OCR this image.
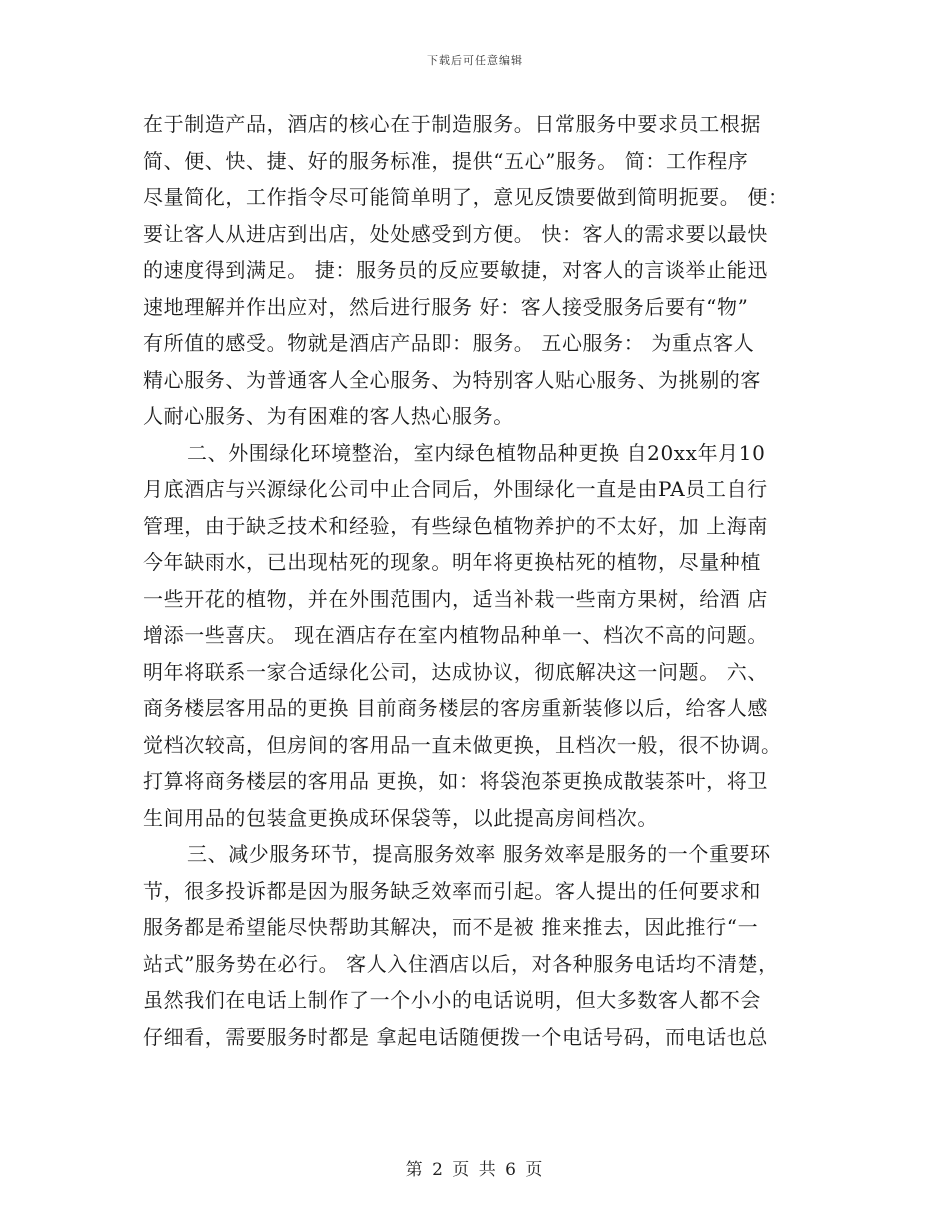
下载后可任意编辑
在于制造产品，酒店的核心在于制造服务。日常服务中要求员工根据
简、便、快、捷、好的服务标准，提供“五心”服务。 简：工作程序
尽量简化，工作指令尽可能简单明了，意见反馈要做到简明扼要。 便：
要让客人从进店到出店，处处感受到方便。 快：客人的需求要以最快
的速度得到满足。 捷：服务员的反应要敏捷，对客人的言谈举止能迅
速地理解并作出应对，然后进行服务 好：客人接受服务后要有“物”
有所值的感受。物就是酒店产品即：服务。 五心服务： 为重点客人
精心服务、为普通客人全心服务、为特别客人贴心服务、为挑剔的客
人耐心服务、为有困难的客人热心服务。
二、外围绿化环境整治，室内绿色植物品种更换 自20xx年月10
月底酒店与兴源绿化公司中止合同后，外围绿化一直是由PA员工自行
管理，由于缺乏技术和经验，有些绿色植物养护的不太好，加 上海南
今年缺雨水，已出现枯死的现象。明年将更换枯死的植物，尽量种植
一些开花的植物，并在外围范围内，适当补栽一些南方果树，给酒 店
增添一些喜庆。 现在酒店存在室内植物品种单一、档次不高的问题。
明年将联系一家合适绿化公司，达成协议，彻底解决这一问题。 六、
商务楼层客用品的更换 目前商务楼层的客房重新装修以后，给客人感
觉档次较高，但房间的客用品一直未做更换，且档次一般，很不协调。
打算将商务楼层的客用品 更换，如：将袋泡茶更换成散装茶叶，将卫
生间用品的包装盒更换成环保袋等，以此提高房间档次。
三、减少服务环节，提高服务效率 服务效率是服务的一个重要环
节，很多投诉都是因为服务缺乏效率而引起。客人提出的任何要求和
服务都是希望能尽快帮助其解决，而不是被 推来推去，因此推行“一
站式”服务势在必行。 客人入住酒店以后，对各种服务电话均不清楚，
虽然我们在电话上制作了一个小小的电话说明，但大多数客人都不会
仔细看，需要服务时都是 拿起电话随便拨一个电话号码，而电话也总
第 2 页 共 6 页
